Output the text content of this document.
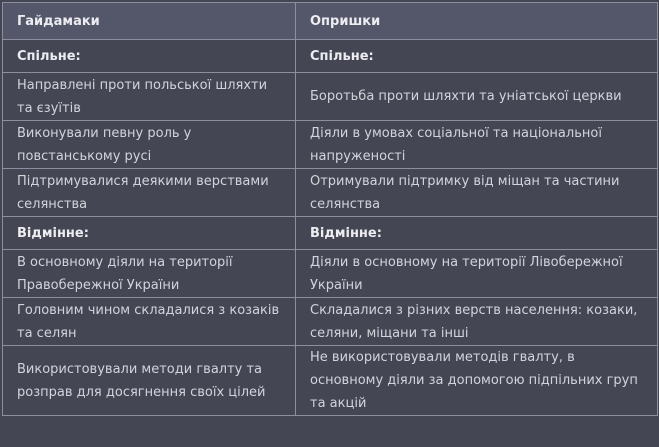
Гайдамаки	Опришки
Спільне:	Спільне:
Направлені проти польської шляхти та єзуїтів	Боротьба проти шляхти та уніатської церкви
Виконували певну роль у повстанському русі	Діяли в умовах соціальної та національної напруженості
Підтримувалися деякими верствами селянства	Отримували підтримку від міщан та частини селянства
Відмінне:	Відмінне:
В основному діяли на території Правобережної України	Діяли в основному на території Лівобережної України
Головним чином складалися з козаків та селян	Складалися з різних верств населення: козаки, селяни, міщани та інші
Використовували методи гвалту та розправ для досягнення своїх цілей	Не використовували методів гвалту, в основному діяли за допомогою підпільних груп та акцій
